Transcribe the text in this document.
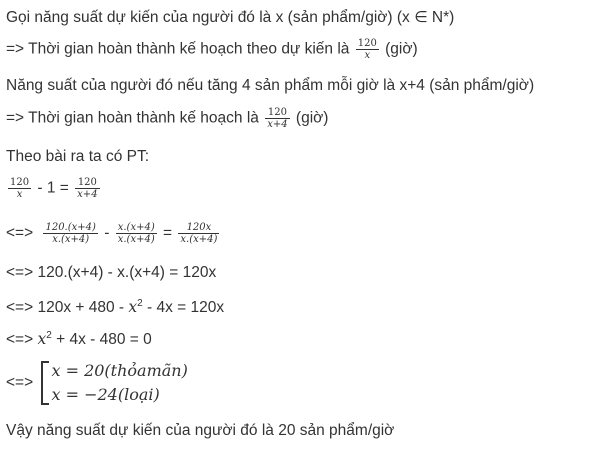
Gọi năng suất dự kiến của người đó là x (sản phẩm/giờ) (x ∈ N*)
=> Thời gian hoàn thành kế hoạch theo dự kiến là $\frac{120}{x}$ (giờ)
Năng suất của người đó nếu tăng 4 sản phẩm mỗi giờ là x+4 (sản phẩm/giờ)
=> Thời gian hoàn thành kế hoạch là $\frac{120}{x+4}$ (giờ)
Theo bài ra ta có PT:
$\frac{120}{x} - 1 = \frac{120}{x+4}$
<=> $\frac{120.(x+4)}{x.(x+4)} - \frac{x.(x+4)}{x.(x+4)} = \frac{120x}{x.(x+4)}$
<=> 120.(x+4) - x.(x+4) = 120x
<=> $120x + 480 - x^2 - 4x = 120x$
<=> $x^2 + 4x - 480 = 0$
<=>
x = 20(thỏamãn)
x = −24(loại)
Vậy năng suất dự kiến của người đó là 20 sản phẩm/giờ
